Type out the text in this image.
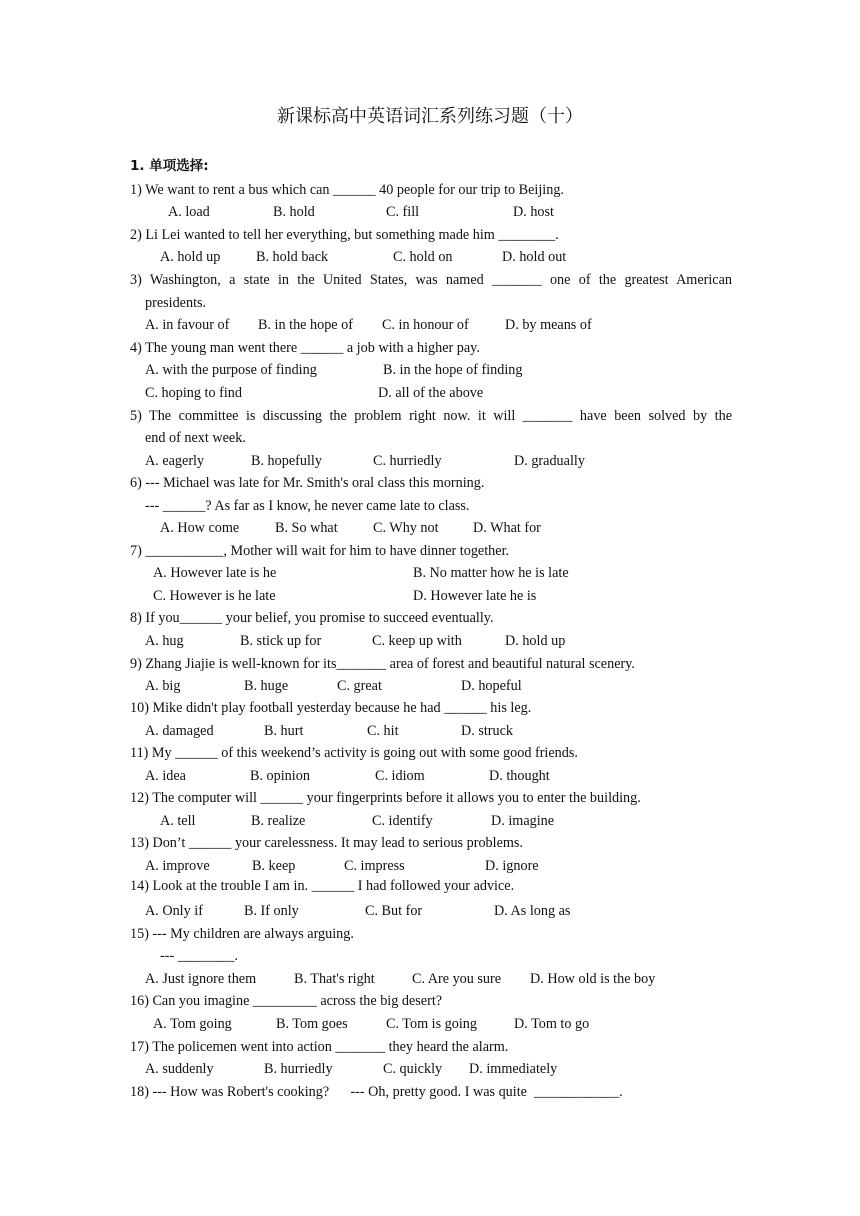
新课标高中英语词汇系列练习题（十）
1. 单项选择:
1) We want to rent a bus which can ______ 40 people for our trip to Beijing.
A. load	B. hold	C. fill	D. host
2) Li Lei wanted to tell her everything, but something made him ________.
A. hold up	B. hold back	C. hold on	D. hold out
3) Washington, a state in the United States, was named _______ one of the greatest American
presidents.
A. in favour of B. in the hope of C. in honour of	D. by means of
4) The young man went there ______ a job with a higher pay.
A. with the purpose of finding	B. in the hope of finding
C. hoping to find	D. all of the above
5) The committee is discussing the problem right now. it will _______ have been solved by the
end of next week.
A. eagerly	B. hopefully	C. hurriedly	D. gradually
6) --- Michael was late for Mr. Smith's oral class this morning.
--- ______? As far as I know, he never came late to class.
A. How come	B. So what C. Why not D. What for
7) ___________, Mother will wait for him to have dinner together.
A. However late is he	B. No matter how he is late
C. However is he late	D. However late he is
8) If you______ your belief, you promise to succeed eventually.
A. hug	B. stick up for	C. keep up with	D. hold up
9) Zhang Jiajie is well-known for its_______ area of forest and beautiful natural scenery.
A. big	B. huge	C. great	D. hopeful
10) Mike didn't play football yesterday because he had ______ his leg.
A. damaged	B. hurt	C. hit	D. struck
11) My ______ of this weekend’s activity is going out with some good friends.
A. idea	B. opinion	C. idiom	D. thought
12) The computer will ______ your fingerprints before it allows you to enter the building.
A. tell	B. realize	C. identify	D. imagine
13) Don’t ______ your carelessness. It may lead to serious problems.
A. improve	B. keep	C. impress	D. ignore
14) Look at the trouble I am in. ______ I had followed your advice.
A. Only if	B. If only	C. But for	D. As long as
15) --- My children are always arguing.
--- ________.
A. Just ignore them	B. That's right	C. Are you sure D. How old is the boy
16) Can you imagine _________ across the big desert?
A. Tom going	B. Tom goes	C. Tom is going	D. Tom to go
17) The policemen went into action _______ they heard the alarm.
A. suddenly	B. hurriedly	C. quickly D. immediately
18) --- How was Robert's cooking?      --- Oh, pretty good. I was quite  ____________.
